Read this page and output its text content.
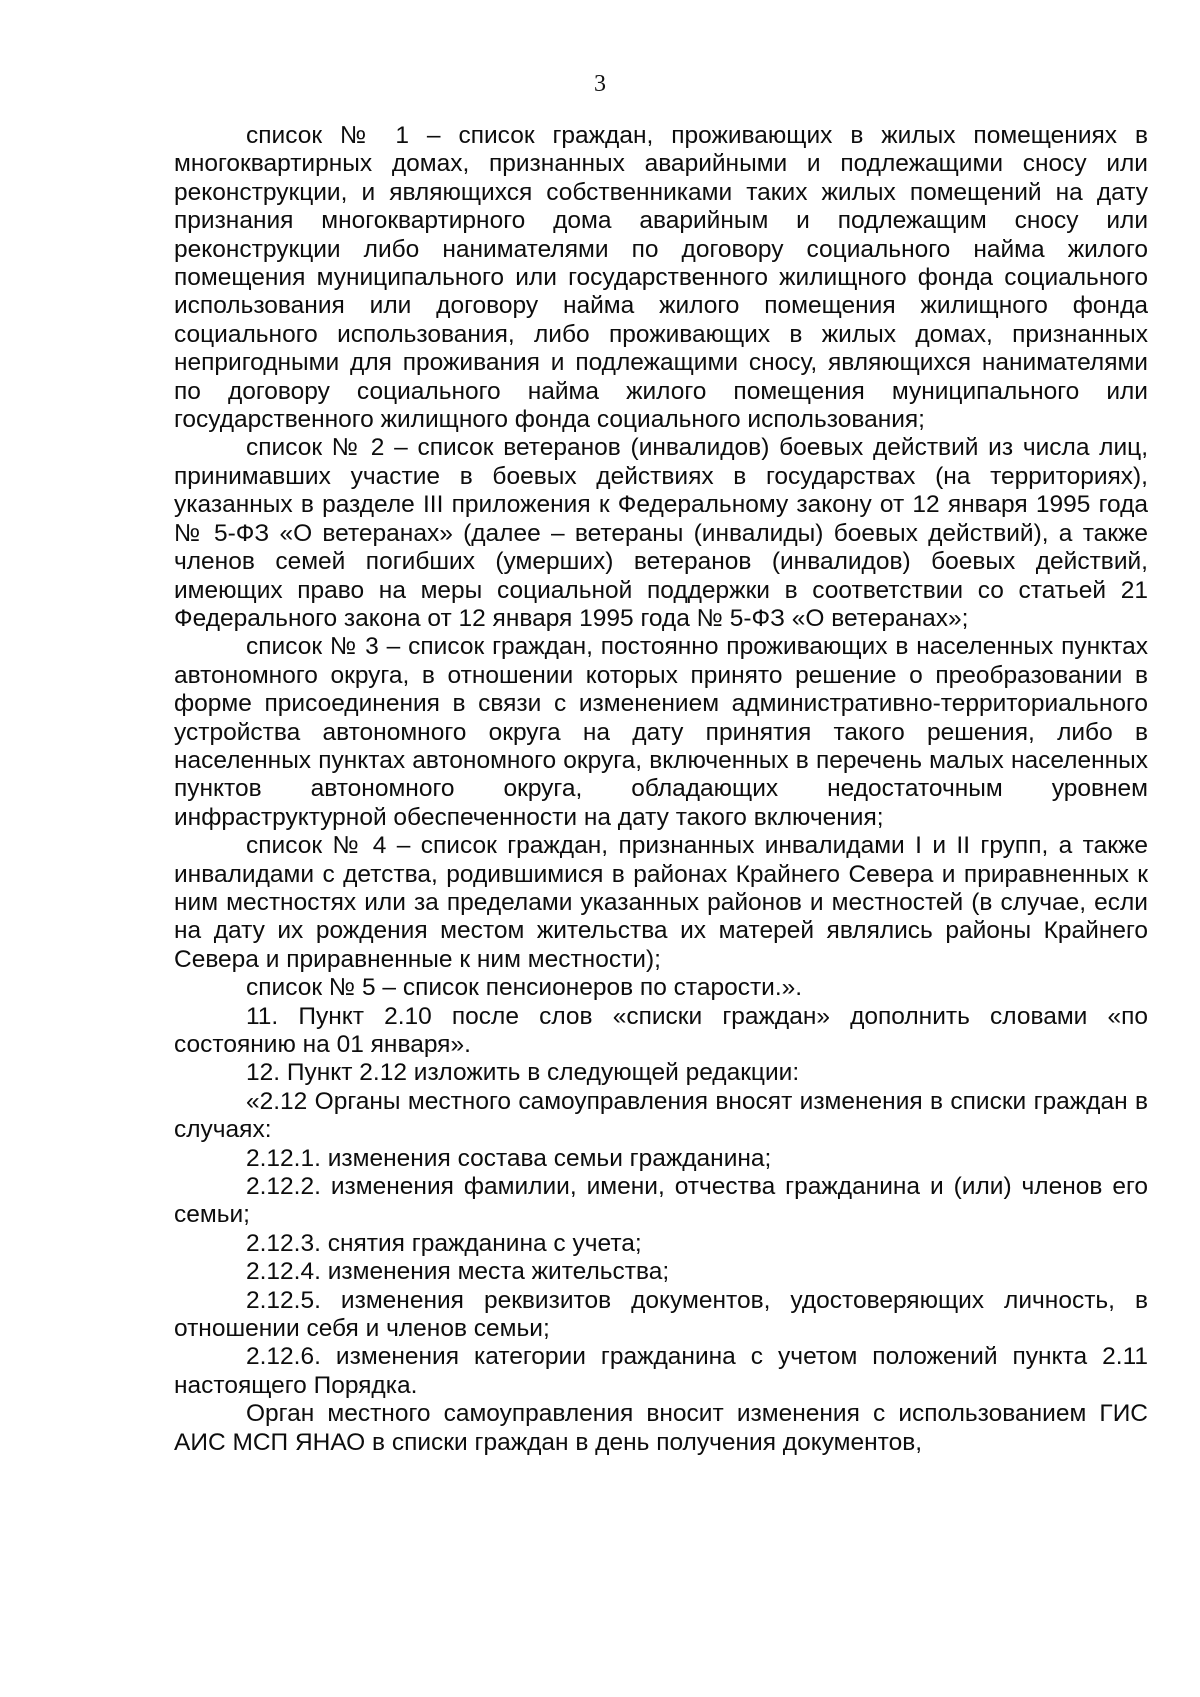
3

список № 1 – список граждан, проживающих в жилых помещениях в многоквартирных домах, признанных аварийными и подлежащими сносу или реконструкции, и являющихся собственниками таких жилых помещений на дату признания многоквартирного дома аварийным и подлежащим сносу или реконструкции либо нанимателями по договору социального найма жилого помещения муниципального или государственного жилищного фонда социального использования или договору найма жилого помещения жилищного фонда социального использования, либо проживающих в жилых домах, признанных непригодными для проживания и подлежащими сносу, являющихся нанимателями по договору социального найма жилого помещения муниципального или государственного жилищного фонда социального использования;

список № 2 – список ветеранов (инвалидов) боевых действий из числа лиц, принимавших участие в боевых действиях в государствах (на территориях), указанных в разделе III приложения к Федеральному закону от 12 января 1995 года № 5-ФЗ «О ветеранах» (далее – ветераны (инвалиды) боевых действий), а также членов семей погибших (умерших) ветеранов (инвалидов) боевых действий, имеющих право на меры социальной поддержки в соответствии со статьей 21 Федерального закона от 12 января 1995 года № 5-ФЗ «О ветеранах»;

список № 3 – список граждан, постоянно проживающих в населенных пунктах автономного округа, в отношении которых принято решение о преобразовании в форме присоединения в связи с изменением административно-территориального устройства автономного округа на дату принятия такого решения, либо в населенных пунктах автономного округа, включенных в перечень малых населенных пунктов автономного округа, обладающих недостаточным уровнем инфраструктурной обеспеченности на дату такого включения;

список № 4 – список граждан, признанных инвалидами I и II групп, а также инвалидами с детства, родившимися в районах Крайнего Севера и приравненных к ним местностях или за пределами указанных районов и местностей (в случае, если на дату их рождения местом жительства их матерей являлись районы Крайнего Севера и приравненные к ним местности);

список № 5 – список пенсионеров по старости.».

11. Пункт 2.10 после слов «списки граждан» дополнить словами «по состоянию на 01 января».

12. Пункт 2.12 изложить в следующей редакции:

«2.12 Органы местного самоуправления вносят изменения в списки граждан в случаях:

2.12.1. изменения состава семьи гражданина;

2.12.2. изменения фамилии, имени, отчества гражданина и (или) членов его семьи;

2.12.3. снятия гражданина с учета;

2.12.4. изменения места жительства;

2.12.5. изменения реквизитов документов, удостоверяющих личность, в отношении себя и членов семьи;

2.12.6. изменения категории гражданина с учетом положений пункта 2.11 настоящего Порядка.

Орган местного самоуправления вносит изменения с использованием ГИС АИС МСП ЯНАО в списки граждан в день получения документов,
